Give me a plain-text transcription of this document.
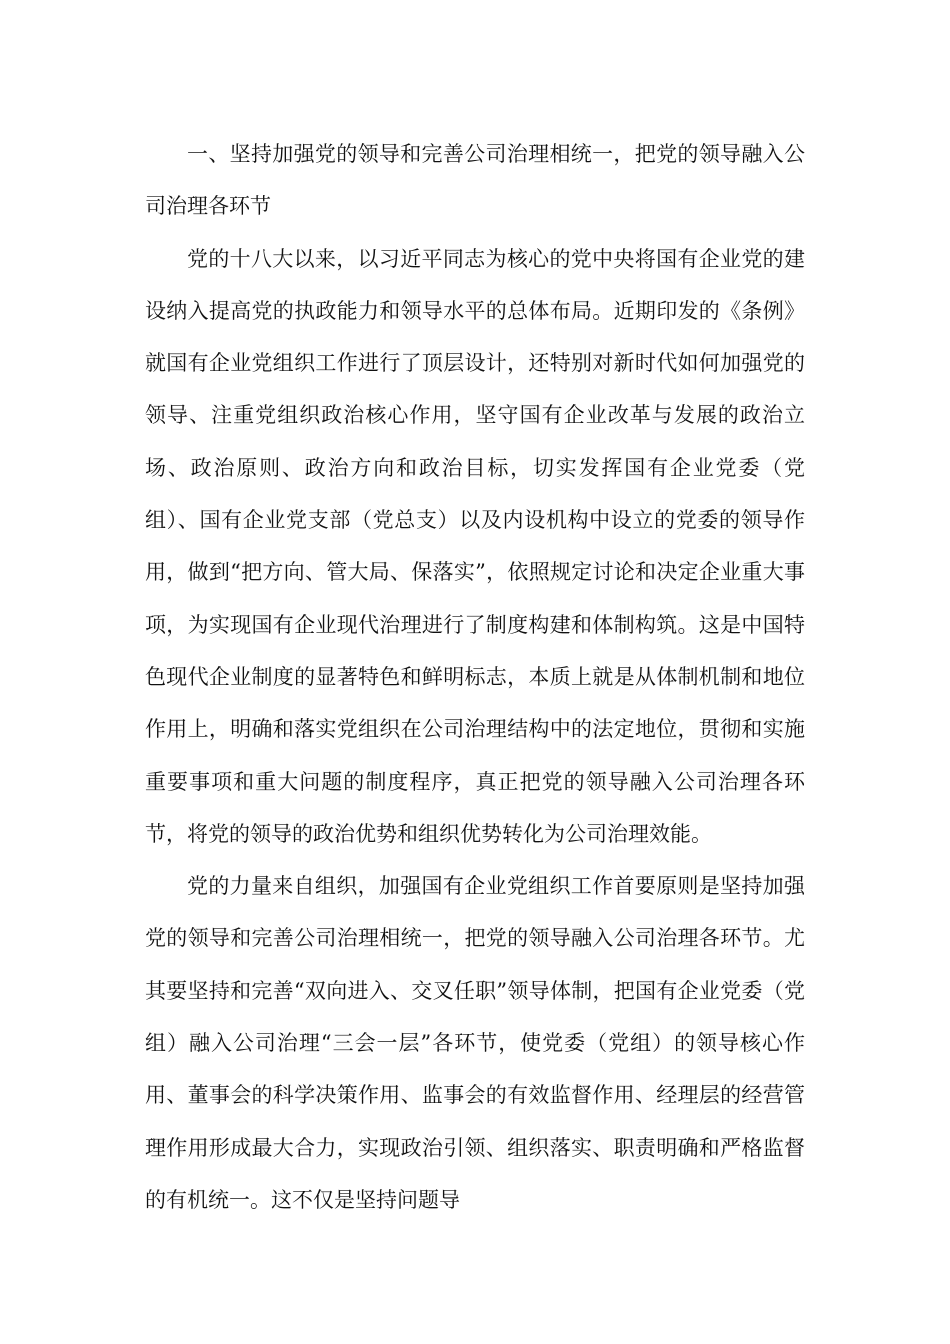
一、坚持加强党的领导和完善公司治理相统一，把党的领导融入公司治理各环节

党的十八大以来，以习近平同志为核心的党中央将国有企业党的建设纳入提高党的执政能力和领导水平的总体布局。近期印发的《条例》就国有企业党组织工作进行了顶层设计，还特别对新时代如何加强党的领导、注重党组织政治核心作用，坚守国有企业改革与发展的政治立场、政治原则、政治方向和政治目标，切实发挥国有企业党委（党组）、国有企业党支部（党总支）以及内设机构中设立的党委的领导作用，做到“把方向、管大局、保落实”，依照规定讨论和决定企业重大事项，为实现国有企业现代治理进行了制度构建和体制构筑。这是中国特色现代企业制度的显著特色和鲜明标志，本质上就是从体制机制和地位作用上，明确和落实党组织在公司治理结构中的法定地位，贯彻和实施重要事项和重大问题的制度程序，真正把党的领导融入公司治理各环节，将党的领导的政治优势和组织优势转化为公司治理效能。

党的力量来自组织，加强国有企业党组织工作首要原则是坚持加强党的领导和完善公司治理相统一，把党的领导融入公司治理各环节。尤其要坚持和完善“双向进入、交叉任职”领导体制，把国有企业党委（党组）融入公司治理“三会一层”各环节，使党委（党组）的领导核心作用、董事会的科学决策作用、监事会的有效监督作用、经理层的经营管理作用形成最大合力，实现政治引领、组织落实、职责明确和严格监督的有机统一。这不仅是坚持问题导
